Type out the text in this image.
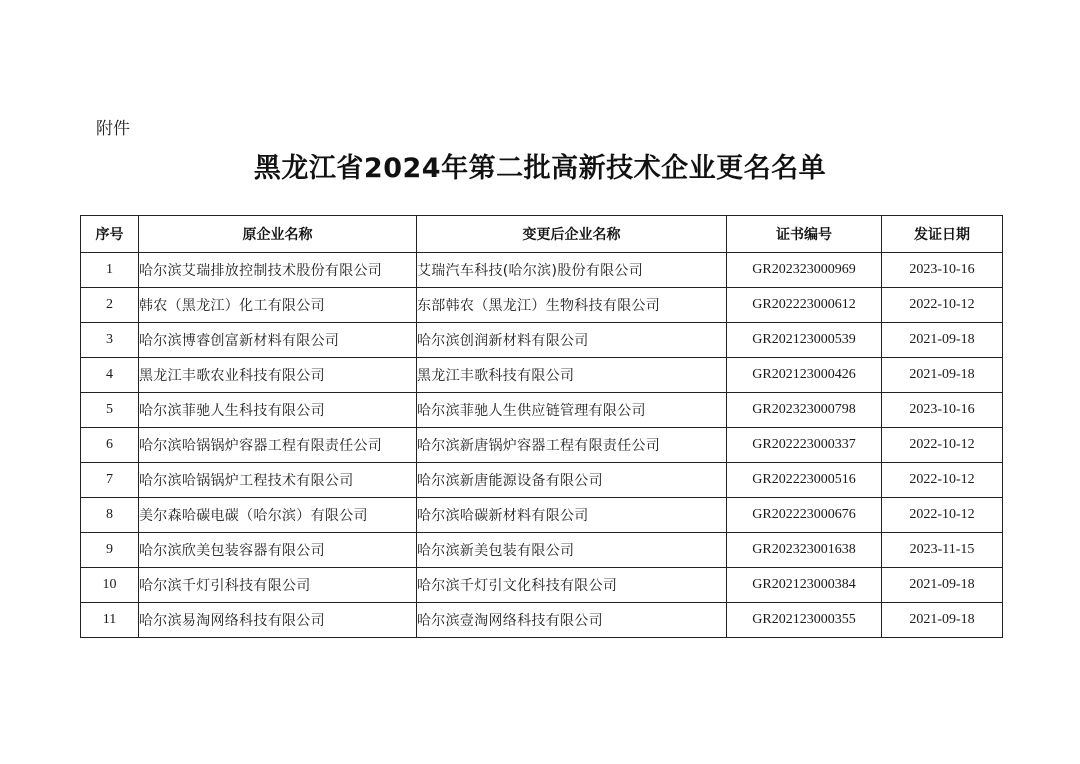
附件
黑龙江省2024年第二批高新技术企业更名名单
序号	原企业名称	变更后企业名称	证书编号	发证日期
1	哈尔滨艾瑞排放控制技术股份有限公司	艾瑞汽车科技(哈尔滨)股份有限公司	GR202323000969	2023-10-16
2	韩农（黑龙江）化工有限公司	东部韩农（黑龙江）生物科技有限公司	GR202223000612	2022-10-12
3	哈尔滨博睿创富新材料有限公司	哈尔滨创润新材料有限公司	GR202123000539	2021-09-18
4	黑龙江丰歌农业科技有限公司	黑龙江丰歌科技有限公司	GR202123000426	2021-09-18
5	哈尔滨菲驰人生科技有限公司	哈尔滨菲驰人生供应链管理有限公司	GR202323000798	2023-10-16
6	哈尔滨哈锅锅炉容器工程有限责任公司	哈尔滨新唐锅炉容器工程有限责任公司	GR202223000337	2022-10-12
7	哈尔滨哈锅锅炉工程技术有限公司	哈尔滨新唐能源设备有限公司	GR202223000516	2022-10-12
8	美尔森哈碳电碳（哈尔滨）有限公司	哈尔滨哈碳新材料有限公司	GR202223000676	2022-10-12
9	哈尔滨欣美包装容器有限公司	哈尔滨新美包装有限公司	GR202323001638	2023-11-15
10	哈尔滨千灯引科技有限公司	哈尔滨千灯引文化科技有限公司	GR202123000384	2021-09-18
11	哈尔滨易淘网络科技有限公司	哈尔滨壹淘网络科技有限公司	GR202123000355	2021-09-18
